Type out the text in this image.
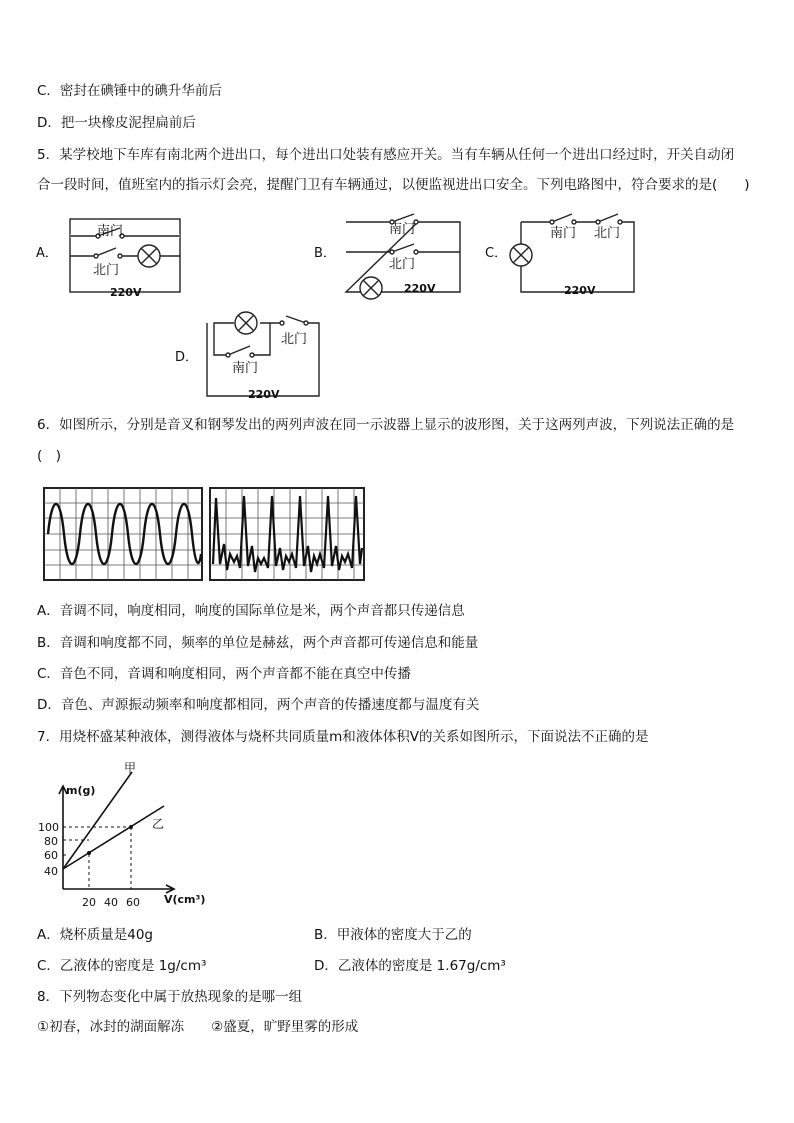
C．密封在碘锤中的碘升华前后
D．把一块橡皮泥捏扁前后
5．某学校地下车库有南北两个进出口，每个进出口处装有感应开关。当有车辆从任何一个进出口经过时，开关自动闭
合一段时间，值班室内的指示灯会亮，提醒门卫有车辆通过，以便监视进出口安全。下列电路图中，符合要求的是(　　)
A．
南门
北门
220V
B．
南门
北门
220V
C．
南门 北门
220V
D．
北门
南门
220V
6．如图所示，分别是音叉和钢琴发出的两列声波在同一示波器上显示的波形图，关于这两列声波，下列说法正确的是
(　)
A．音调不同，响度相同，响度的国际单位是米，两个声音都只传递信息
B．音调和响度都不同，频率的单位是赫兹，两个声音都可传递信息和能量
C．音色不同，音调和响度相同，两个声音都不能在真空中传播
D．音色、声源振动频率和响度都相同，两个声音的传播速度都与温度有关
7．用烧杯盛某种液体，测得液体与烧杯共同质量m和液体体积V的关系如图所示，下面说法不正确的是
m(g)
V(cm³)
100
80
60
40
20 40 60
甲
乙
A．烧杯质量是40g	B．甲液体的密度大于乙的
C．乙液体的密度是 1g/cm³	D．乙液体的密度是 1.67g/cm³
8．下列物态变化中属于放热现象的是哪一组
①初春，冰封的湖面解冻　　②盛夏，旷野里雾的形成
